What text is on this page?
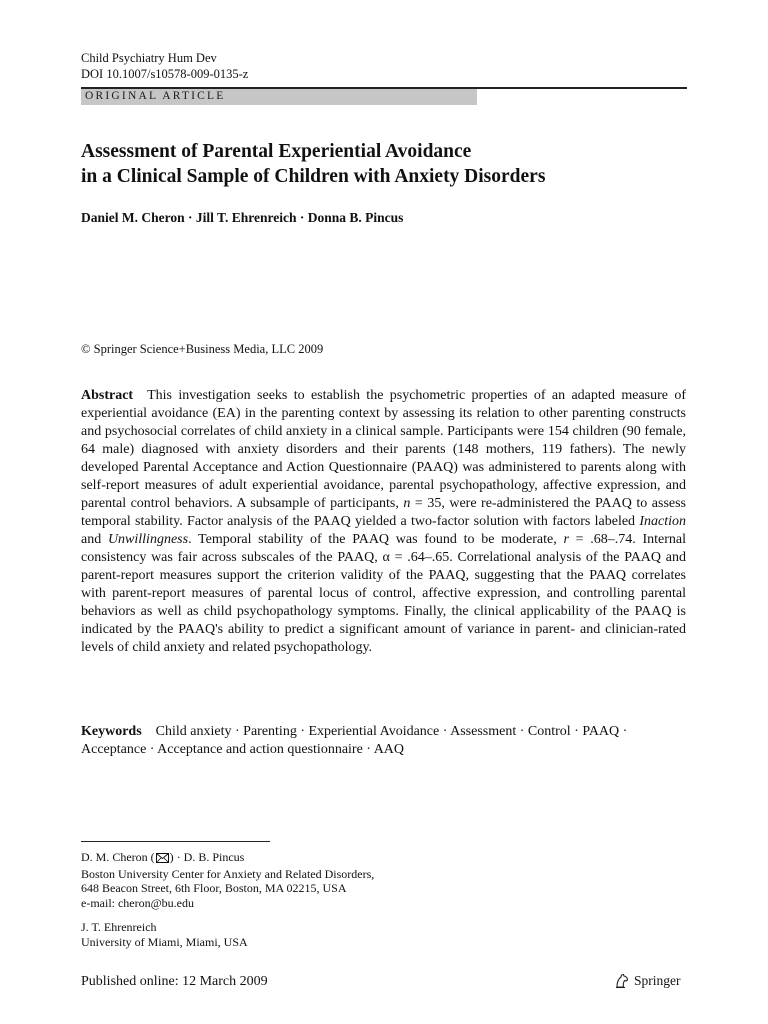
Child Psychiatry Hum Dev
DOI 10.1007/s10578-009-0135-z
ORIGINAL ARTICLE
Assessment of Parental Experiential Avoidance
in a Clinical Sample of Children with Anxiety Disorders
Daniel M. Cheron · Jill T. Ehrenreich · Donna B. Pincus
© Springer Science+Business Media, LLC 2009
Abstract This investigation seeks to establish the psychometric properties of an adapted measure of experiential avoidance (EA) in the parenting context by assessing its relation to other parenting constructs and psychosocial correlates of child anxiety in a clinical sample. Participants were 154 children (90 female, 64 male) diagnosed with anxiety disorders and their parents (148 mothers, 119 fathers). The newly developed Parental Acceptance and Action Questionnaire (PAAQ) was administered to parents along with self-report measures of adult experiential avoidance, parental psychopathology, affective expression, and parental control behaviors. A subsample of participants, n = 35, were re-administered the PAAQ to assess temporal stability. Factor analysis of the PAAQ yielded a two-factor solution with factors labeled Inaction and Unwillingness. Temporal stability of the PAAQ was found to be moderate, r = .68–.74. Internal consistency was fair across subscales of the PAAQ, α = .64–.65. Correlational analysis of the PAAQ and parent-report measures support the criterion validity of the PAAQ, suggesting that the PAAQ correlates with parent-report measures of parental locus of control, affective expression, and controlling parental behaviors as well as child psychopathology symptoms. Finally, the clinical applicability of the PAAQ is indicated by the PAAQ's ability to predict a significant amount of variance in parent- and clinician-rated levels of child anxiety and related psychopathology.
Keywords Child anxiety · Parenting · Experiential Avoidance · Assessment · Control · PAAQ · Acceptance · Acceptance and action questionnaire · AAQ
D. M. Cheron ( ) · D. B. Pincus
Boston University Center for Anxiety and Related Disorders,
648 Beacon Street, 6th Floor, Boston, MA 02215, USA
e-mail: cheron@bu.edu
J. T. Ehrenreich
University of Miami, Miami, USA
Published online: 12 March 2009	Springer
